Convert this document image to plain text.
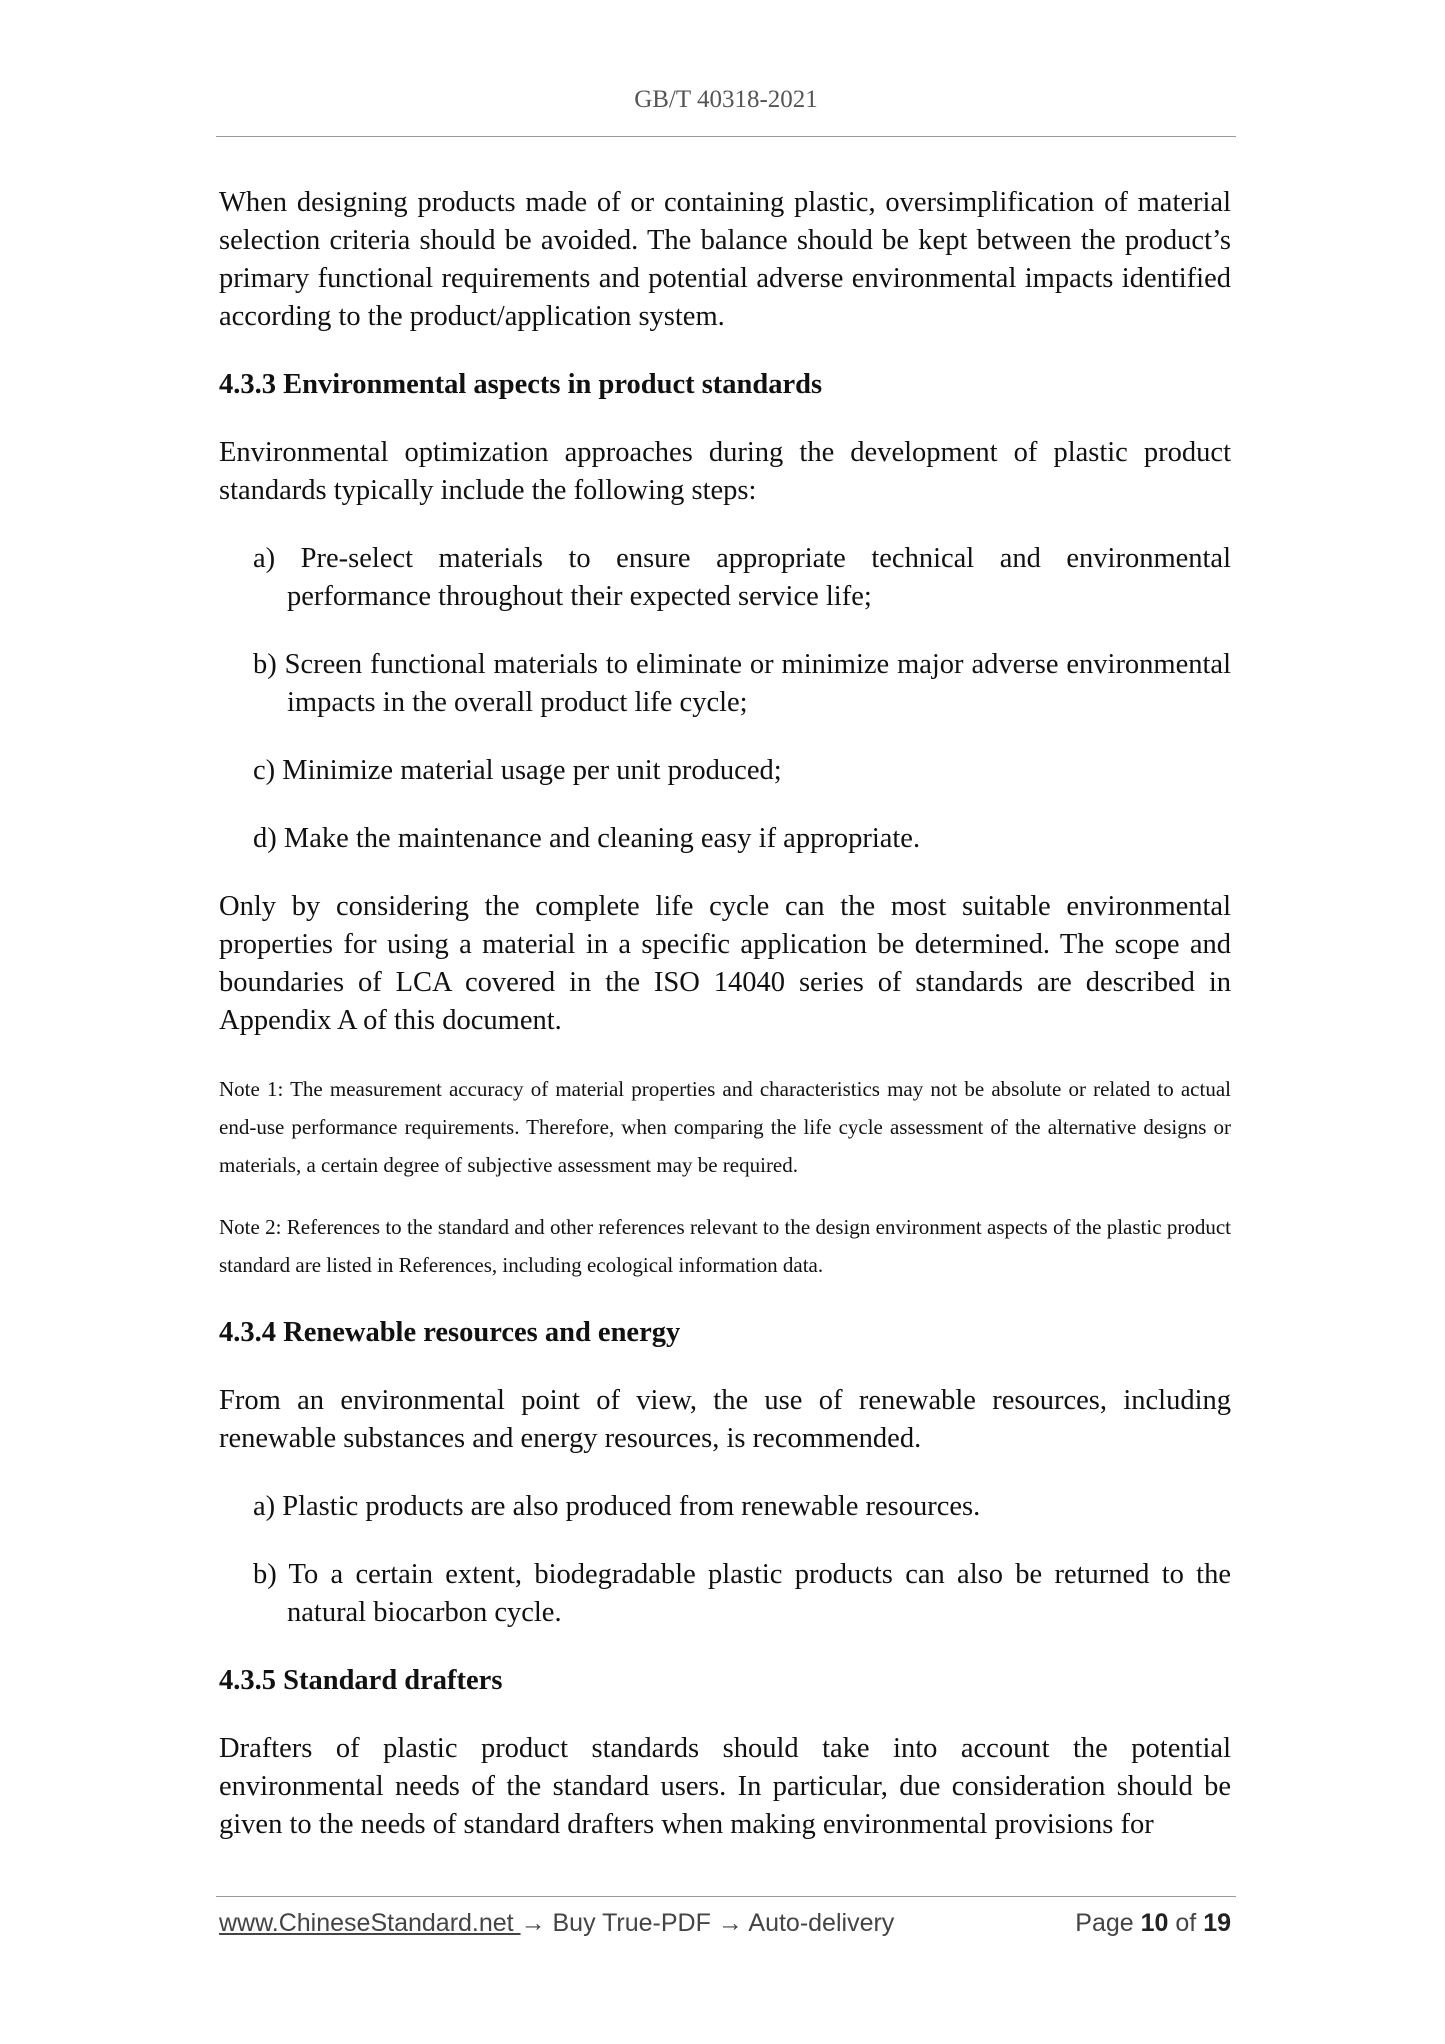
GB/T 40318-2021
When designing products made of or containing plastic, oversimplification of material selection criteria should be avoided. The balance should be kept between the product’s primary functional requirements and potential adverse environmental impacts identified according to the product/application system.
4.3.3 Environmental aspects in product standards
Environmental optimization approaches during the development of plastic product standards typically include the following steps:
a) Pre-select materials to ensure appropriate technical and environmental performance throughout their expected service life;
b) Screen functional materials to eliminate or minimize major adverse environmental impacts in the overall product life cycle;
c) Minimize material usage per unit produced;
d) Make the maintenance and cleaning easy if appropriate.
Only by considering the complete life cycle can the most suitable environmental properties for using a material in a specific application be determined. The scope and boundaries of LCA covered in the ISO 14040 series of standards are described in Appendix A of this document.
Note 1: The measurement accuracy of material properties and characteristics may not be absolute or related to actual end-use performance requirements. Therefore, when comparing the life cycle assessment of the alternative designs or materials, a certain degree of subjective assessment may be required.
Note 2: References to the standard and other references relevant to the design environment aspects of the plastic product standard are listed in References, including ecological information data.
4.3.4 Renewable resources and energy
From an environmental point of view, the use of renewable resources, including renewable substances and energy resources, is recommended.
a) Plastic products are also produced from renewable resources.
b) To a certain extent, biodegradable plastic products can also be returned to the natural biocarbon cycle.
4.3.5 Standard drafters
Drafters of plastic product standards should take into account the potential environmental needs of the standard users. In particular, due consideration should be given to the needs of standard drafters when making environmental provisions for
www.ChineseStandard.net → Buy True-PDF → Auto-delivery	Page 10 of 19
